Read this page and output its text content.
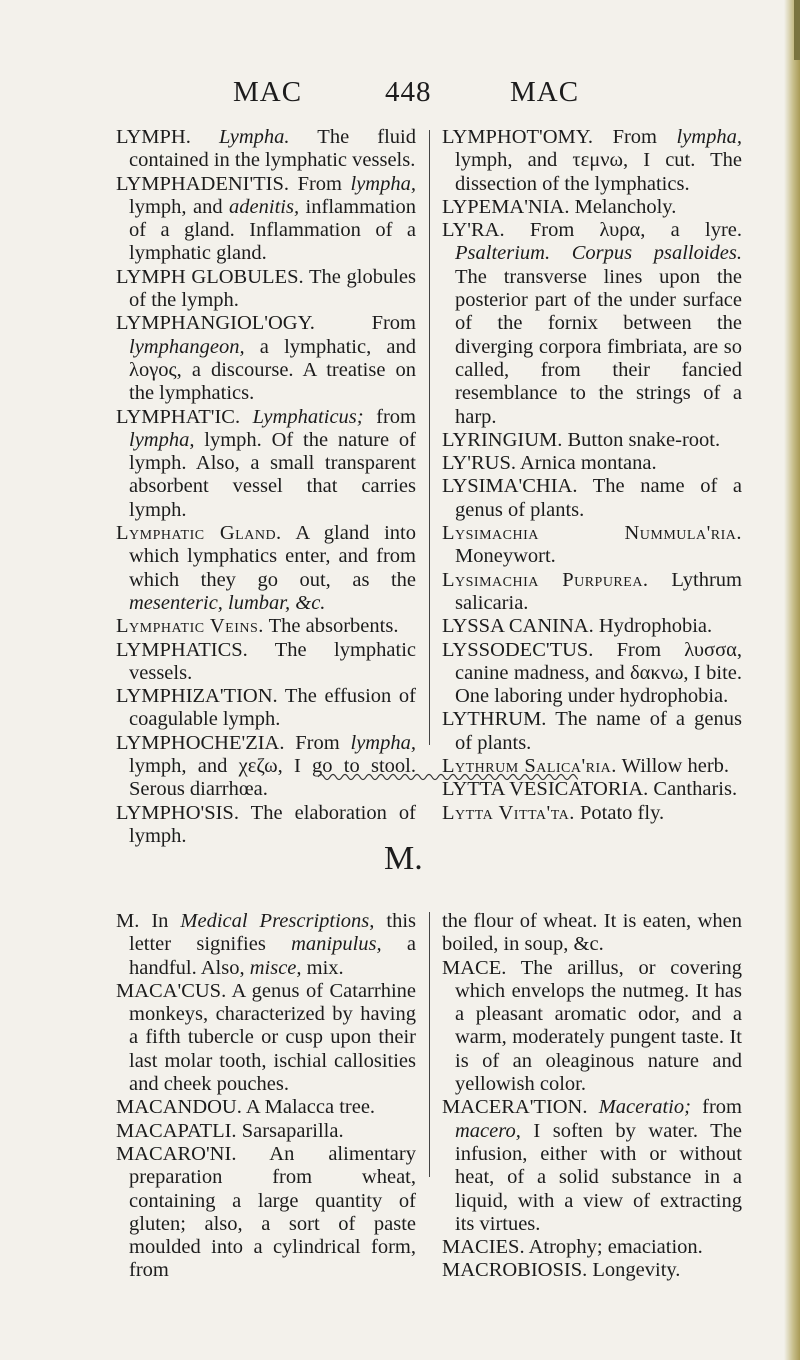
MAC	448	MAC

LYMPH. Lympha. The fluid contained in the lymphatic vessels.

LYMPHADENI'TIS. From lympha, lymph, and adenitis, inflammation of a gland. Inflammation of a lymphatic gland.

LYMPH GLOBULES. The globules of the lymph.

LYMPHANGIOL'OGY. From lymphangeon, a lymphatic, and λογος, a discourse. A treatise on the lymphatics.

LYMPHAT'IC. Lymphaticus; from lympha, lymph. Of the nature of lymph. Also, a small transparent absorbent vessel that carries lymph.

Lymphatic Gland. A gland into which lymphatics enter, and from which they go out, as the mesenteric, lumbar, &c.

Lymphatic Veins. The absorbents.

LYMPHATICS. The lymphatic vessels.

LYMPHIZA'TION. The effusion of coagulable lymph.

LYMPHOCHE'ZIA. From lympha, lymph, and χεζω, I go to stool. Serous diarrhœa.

LYMPHO'SIS. The elaboration of lymph.

LYMPHOT'OMY. From lympha, lymph, and τεμνω, I cut. The dissection of the lymphatics.

LYPEMA'NIA. Melancholy.

LY'RA. From λυρα, a lyre. Psalterium. Corpus psalloides. The transverse lines upon the posterior part of the under surface of the fornix between the diverging corpora fimbriata, are so called, from their fancied resemblance to the strings of a harp.

LYRINGIUM. Button snake-root.

LY'RUS. Arnica montana.

LYSIMA'CHIA. The name of a genus of plants.

Lysimachia Nummula'ria. Moneywort.

Lysimachia Purpurea. Lythrum salicaria.

LYSSA CANINA. Hydrophobia.

LYSSODEC'TUS. From λυσσα, canine madness, and δακνω, I bite. One laboring under hydrophobia.

LYTHRUM. The name of a genus of plants.

Lythrum Salica'ria. Willow herb.

LYTTA VESICATORIA. Cantharis.

Lytta Vitta'ta. Potato fly.

M.

M. In Medical Prescriptions, this letter signifies manipulus, a handful. Also, misce, mix.

MACA'CUS. A genus of Catarrhine monkeys, characterized by having a fifth tubercle or cusp upon their last molar tooth, ischial callosities and cheek pouches.

MACANDOU. A Malacca tree.

MACAPATLI. Sarsaparilla.

MACARO'NI. An alimentary preparation from wheat, containing a large quantity of gluten; also, a sort of paste moulded into a cylindrical form, from

the flour of wheat. It is eaten, when boiled, in soup, &c.

MACE. The arillus, or covering which envelops the nutmeg. It has a pleasant aromatic odor, and a warm, moderately pungent taste. It is of an oleaginous nature and yellowish color.

MACERA'TION. Maceratio; from macero, I soften by water. The infusion, either with or without heat, of a solid substance in a liquid, with a view of extracting its virtues.

MACIES. Atrophy; emaciation.

MACROBIOSIS. Longevity.
